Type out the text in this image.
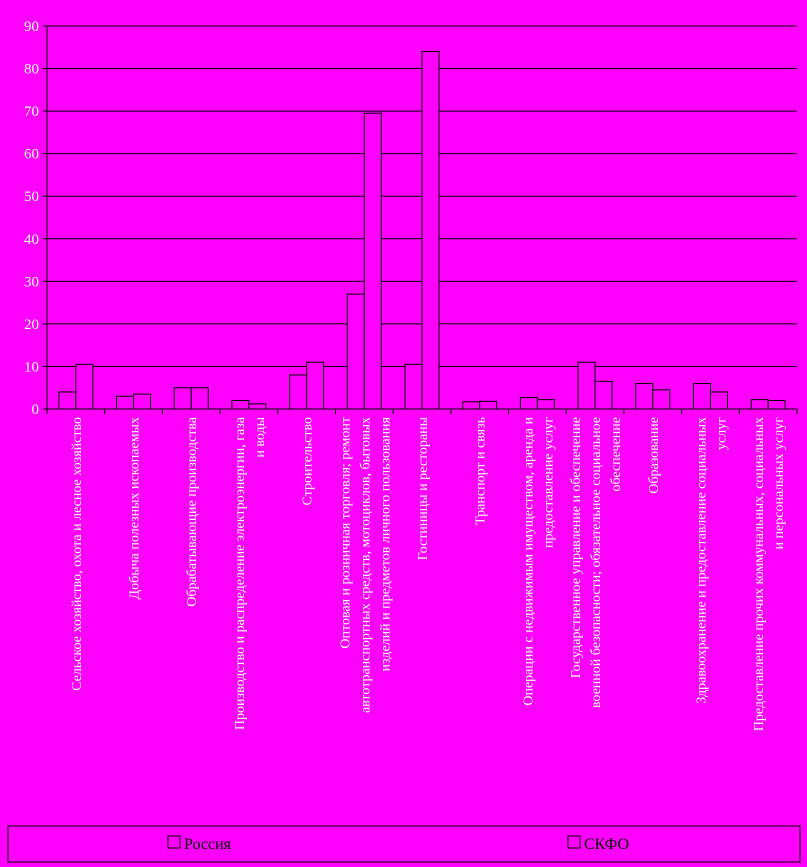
0
10
20
30
40
50
60
70
80
90
Сельское хозяйство, охота и лесное хозяйство	Добыча полезных ископаемых	Обрабатывающие производства Производство и распределение электроэнергии, газа и воды Строительство Оптовая и розничная торговля; ремонт автотранспортных средств, мотоциклов, бытовых изделий и предметов личного пользования Гостиницы и рестораны	Транспорт и связь Операции с недвижимым имуществом, аренда и предоставление услуг Государственное управление и обеспечение военной безопасности; обязательное социальное обеспечение Образование Здравоохранение и предоставление социальных услуг Предоставление прочих коммунальных, социальных и персональных услуг
Россия	СКФО
